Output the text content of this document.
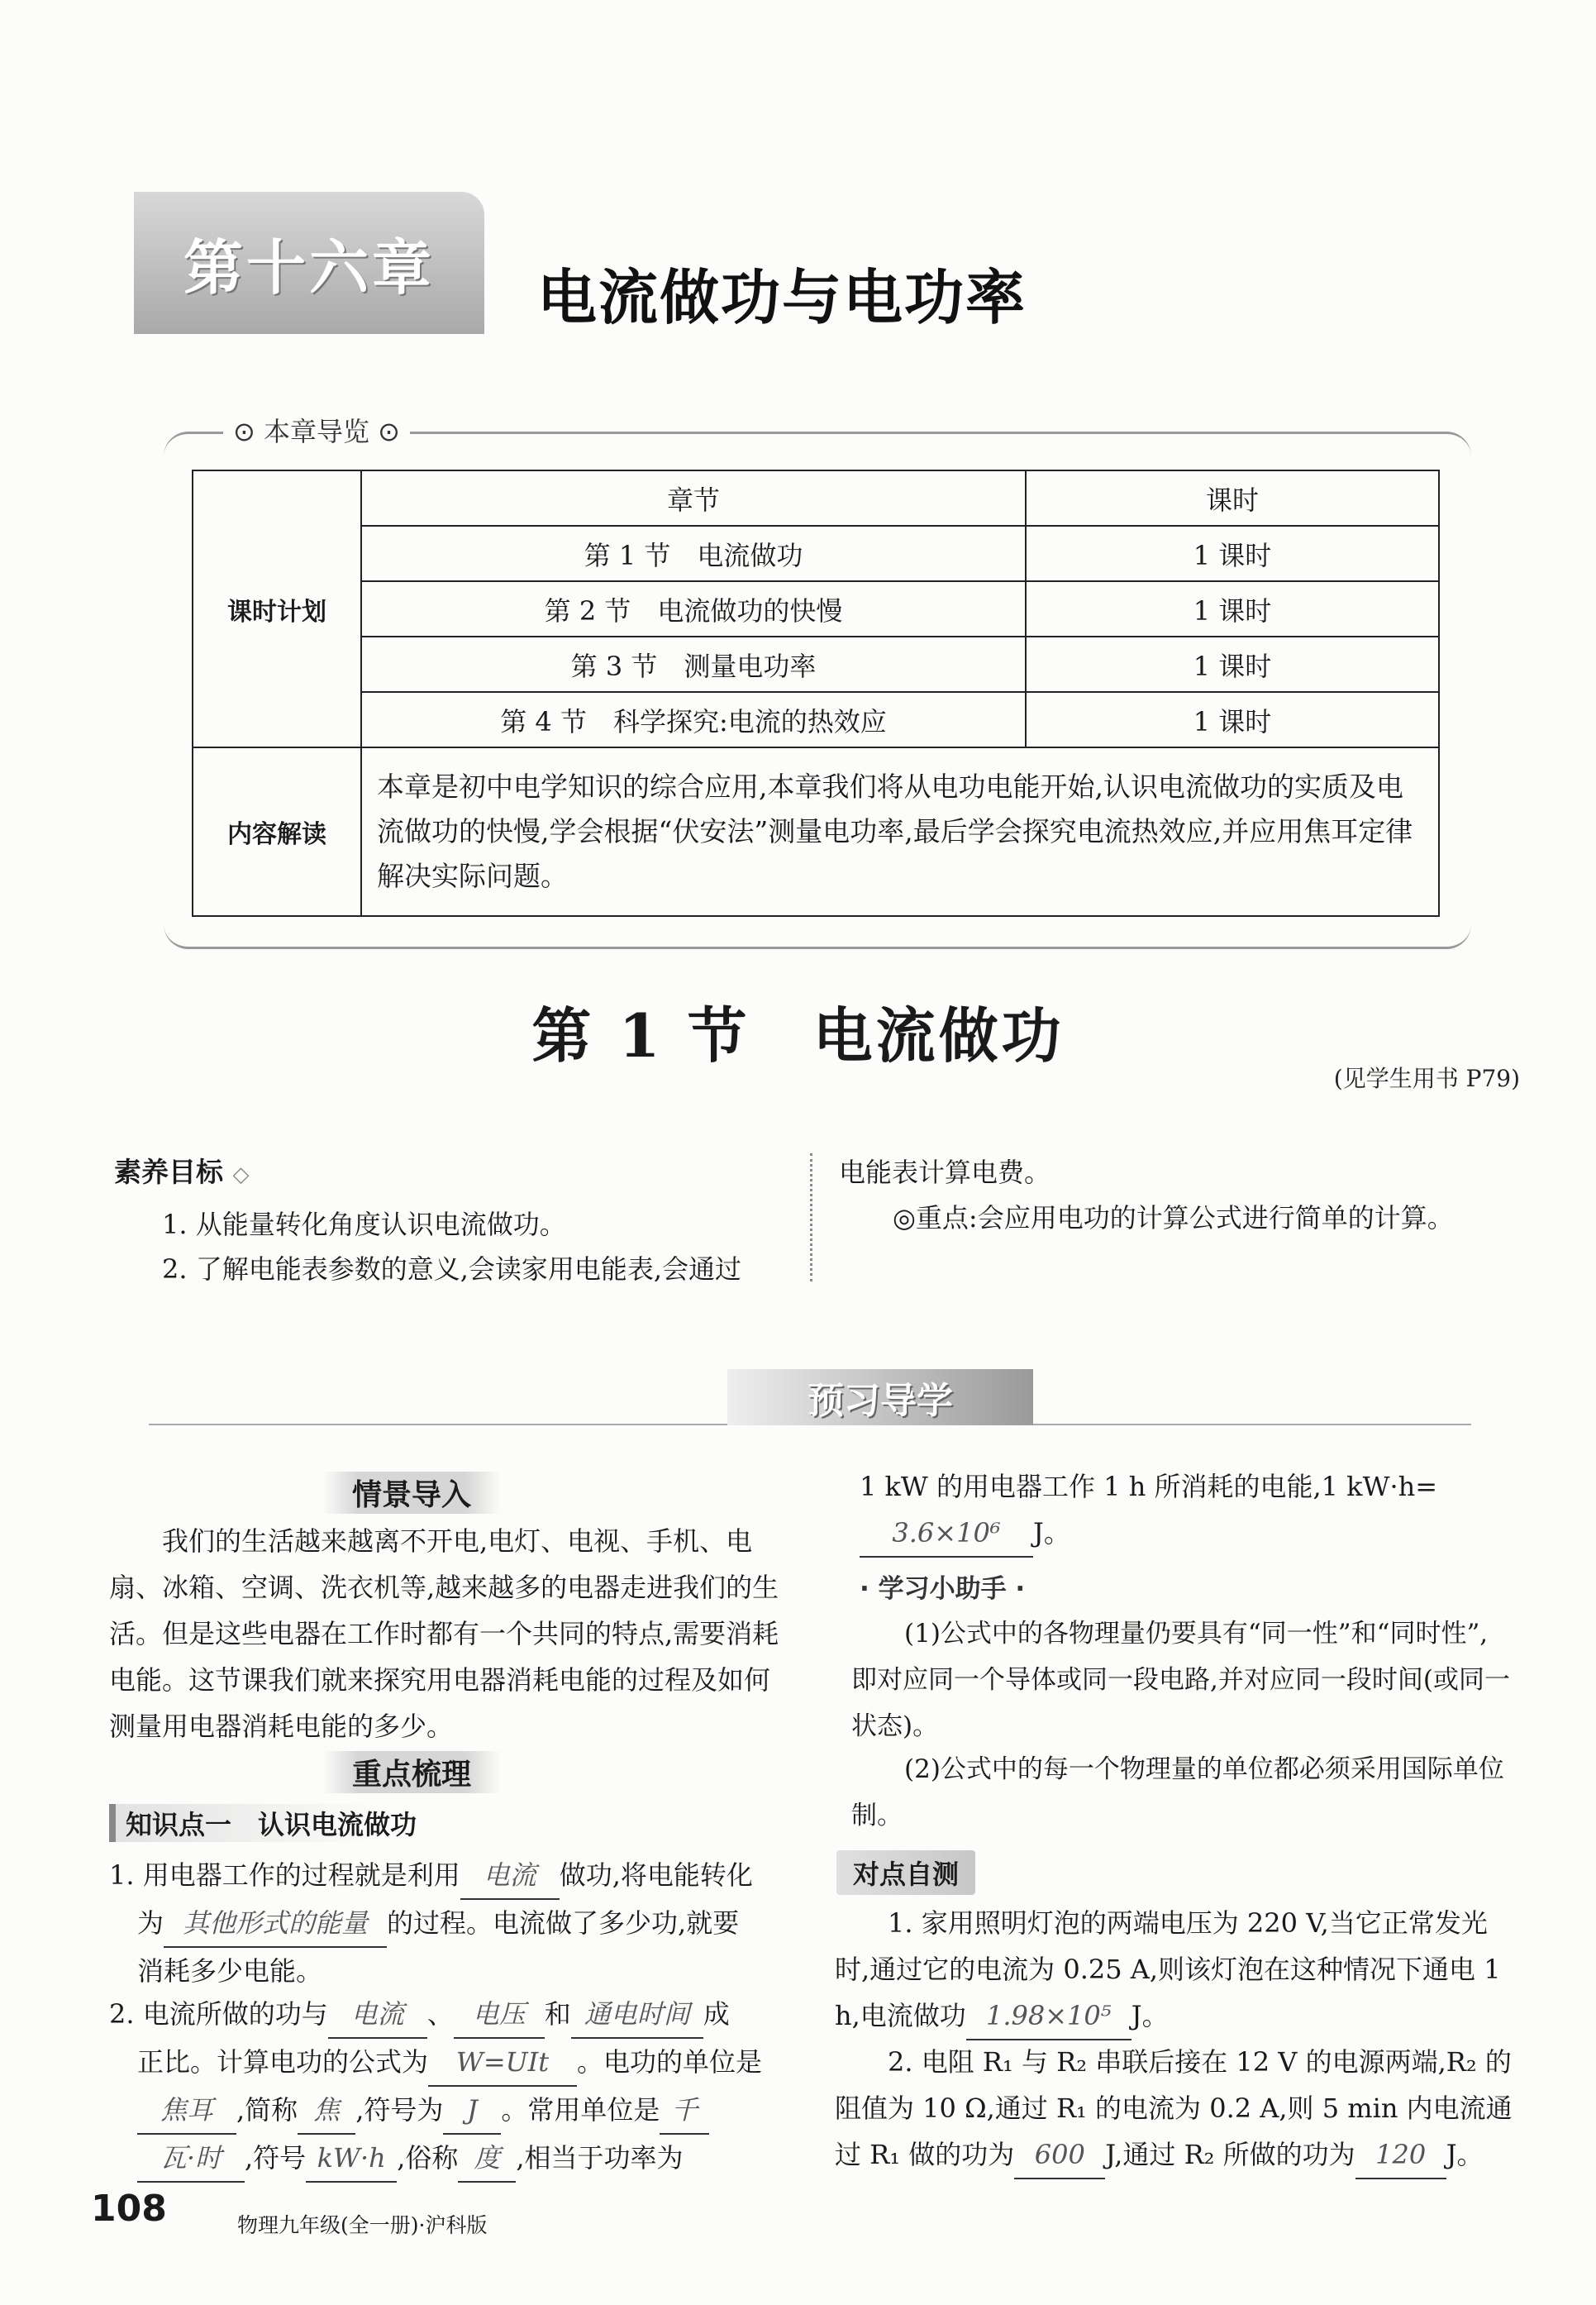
第十六章 电流做功与电功率
⊙ 本章导览 ⊙
课时计划	章节	课时
	第 1 节　电流做功	1 课时
	第 2 节　电流做功的快慢	1 课时
	第 3 节　测量电功率	1 课时
	第 4 节　科学探究:电流的热效应	1 课时
内容解读	本章是初中电学知识的综合应用,本章我们将从电功电能开始,认识电流做功的实质及电流做功的快慢,学会根据“伏安法”测量电功率,最后学会探究电流热效应,并应用焦耳定律解决实际问题。	
第 1 节　电流做功
(见学生用书 P79)
素养目标 ◇
1. 从能量转化角度认识电流做功。
2. 了解电能表参数的意义,会读家用电能表,会通过
电能表计算电费。
◎重点:会应用电功的计算公式进行简单的计算。
预习导学
情景导入
我们的生活越来越离不开电,电灯、电视、手机、电扇、冰箱、空调、洗衣机等,越来越多的电器走进我们的生活。但是这些电器在工作时都有一个共同的特点,需要消耗电能。这节课我们就来探究用电器消耗电能的过程及如何测量用电器消耗电能的多少。
重点梳理
知识点一　认识电流做功
1. 用电器工作的过程就是利用 电流 做功,将电能转化
为 其他形式的能量 的过程。电流做了多少功,就要
消耗多少电能。
2. 电流所做的功与 电流 、 电压 和 通电时间 成
正比。计算电功的公式为 W=UIt 。电功的单位是
焦耳 ,简称 焦 ,符号为 J 。常用单位是 千
瓦·时 ,符号 kW·h ,俗称 度 ,相当于功率为
1 kW 的用电器工作 1 h 所消耗的电能,1 kW·h=
3.6×10⁶ J。
· 学习小助手 ·
(1)公式中的各物理量仍要具有“同一性”和“同时性”,即对应同一个导体或同一段电路,并对应同一段时间(或同一状态)。
(2)公式中的每一个物理量的单位都必须采用国际单位制。
对点自测
1. 家用照明灯泡的两端电压为 220 V,当它正常发光时,通过它的电流为 0.25 A,则该灯泡在这种情况下通电 1 h,电流做功 1.98×10⁵ J。
2. 电阻 R₁ 与 R₂ 串联后接在 12 V 的电源两端,R₂ 的阻值为 10 Ω,通过 R₁ 的电流为 0.2 A,则 5 min 内电流通过 R₁ 做的功为 600 J,通过 R₂ 所做的功为 120 J。
108	物理九年级(全一册)·沪科版
